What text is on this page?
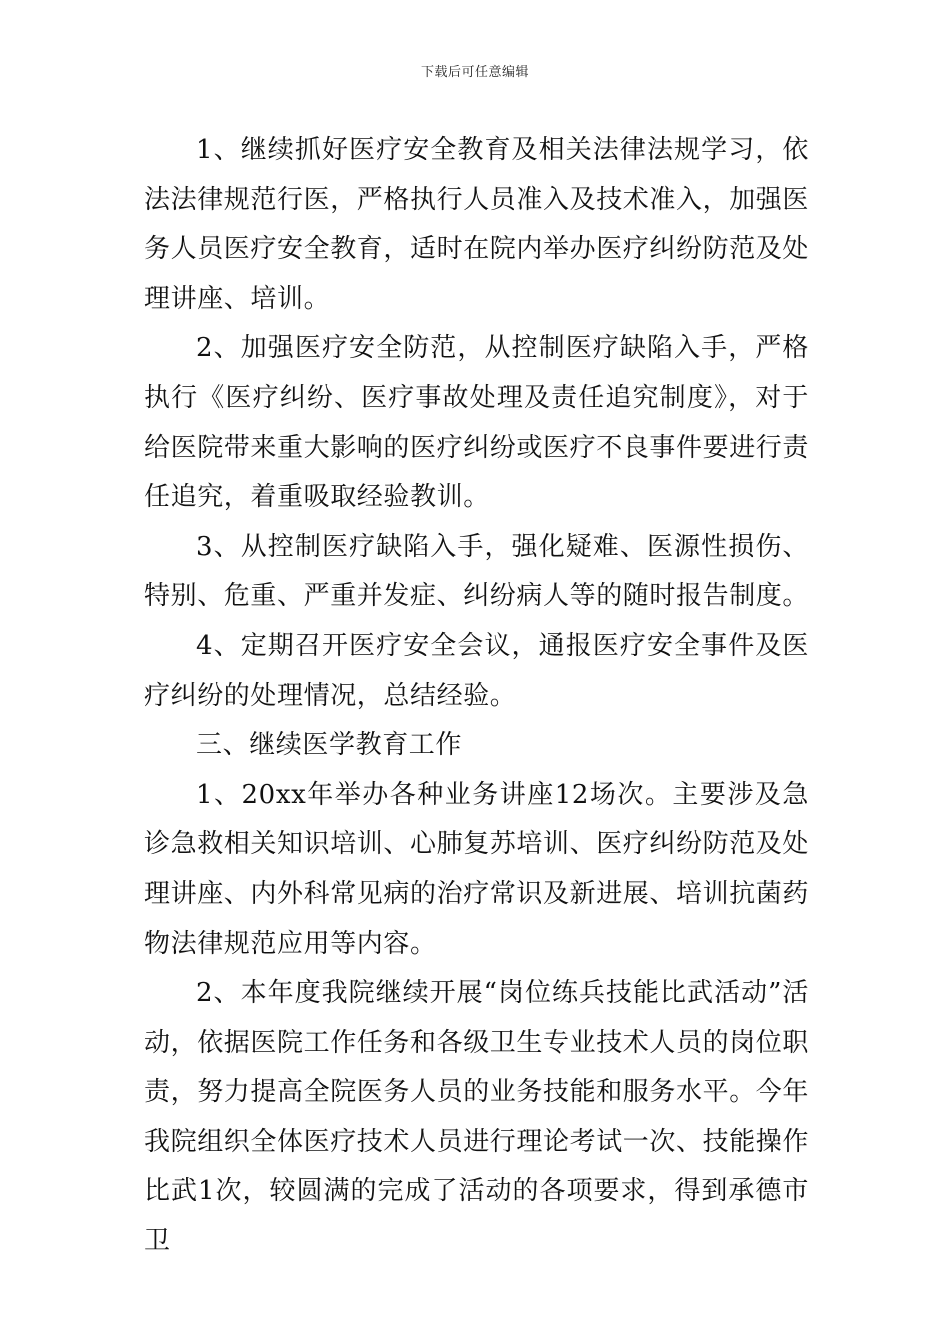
下载后可任意编辑

1、继续抓好医疗安全教育及相关法律法规学习，依法法律规范行医，严格执行人员准入及技术准入，加强医务人员医疗安全教育，适时在院内举办医疗纠纷防范及处理讲座、培训。

2、加强医疗安全防范，从控制医疗缺陷入手，严格执行《医疗纠纷、医疗事故处理及责任追究制度》，对于给医院带来重大影响的医疗纠纷或医疗不良事件要进行责任追究，着重吸取经验教训。

3、从控制医疗缺陷入手，强化疑难、医源性损伤、特别、危重、严重并发症、纠纷病人等的随时报告制度。

4、定期召开医疗安全会议，通报医疗安全事件及医疗纠纷的处理情况，总结经验。

三、继续医学教育工作

1、20xx年举办各种业务讲座12场次。主要涉及急诊急救相关知识培训、心肺复苏培训、医疗纠纷防范及处理讲座、内外科常见病的治疗常识及新进展、培训抗菌药物法律规范应用等内容。

2、本年度我院继续开展“岗位练兵技能比武活动”活动，依据医院工作任务和各级卫生专业技术人员的岗位职责，努力提高全院医务人员的业务技能和服务水平。今年我院组织全体医疗技术人员进行理论考试一次、技能操作比武1次，较圆满的完成了活动的各项要求，得到承德市卫
